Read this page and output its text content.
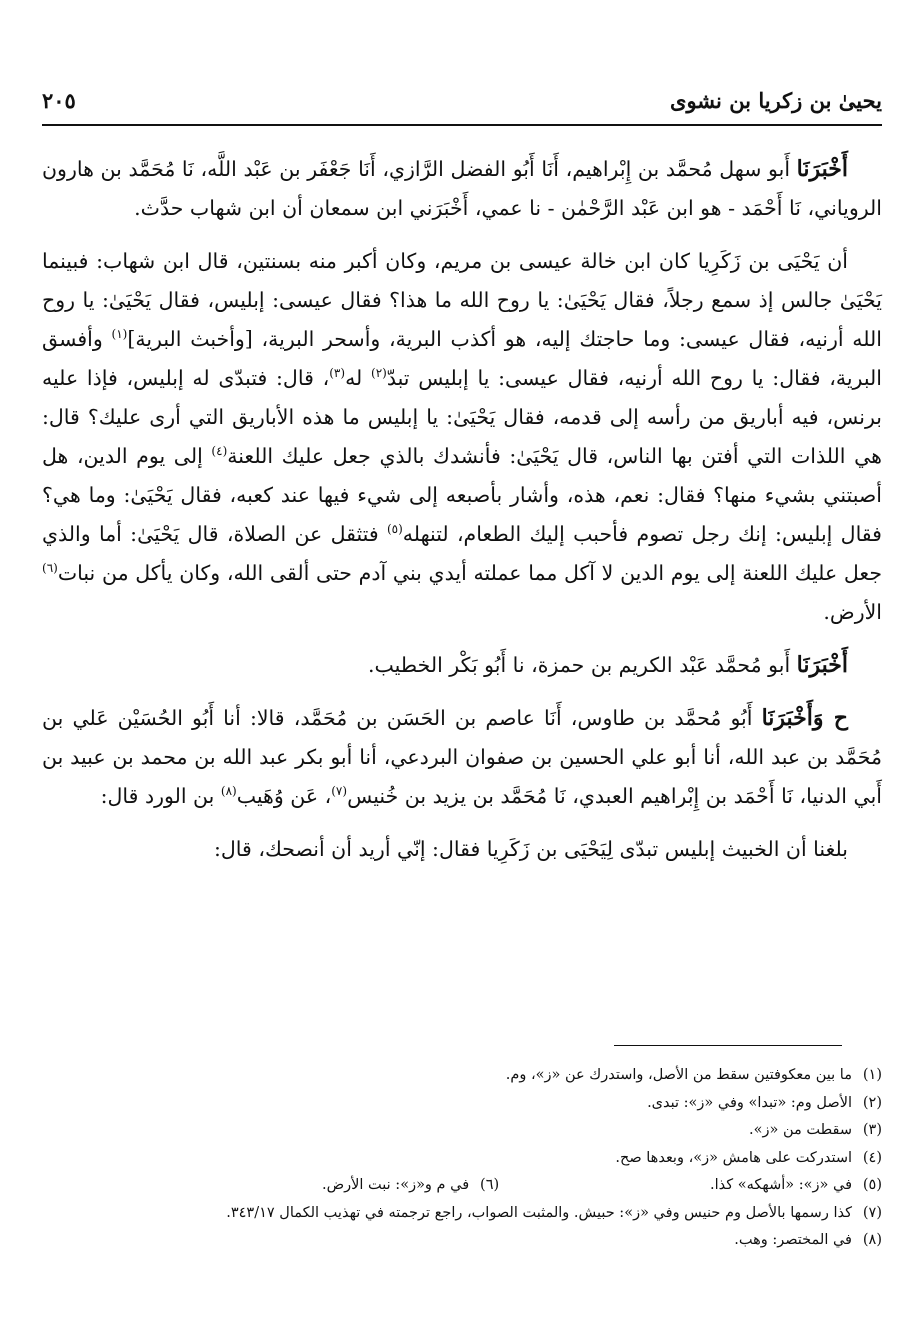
يحيىٰ بن زكريا بن نشوى
٢٠٥

أَخْبَرَنَا أَبو سهل مُحمَّد بن إِبْراهيم، أَنَا أَبُو الفضل الرَّازي، أَنَا جَعْفَر بن عَبْد اللَّه، نَا مُحَمَّد بن هارون الروياني، نَا أَحْمَد - هو ابن عَبْد الرَّحْمٰن - نا عمي، أَخْبَرَني ابن سمعان أن ابن شهاب حدَّث.

أن يَحْيَى بن زَكَرِيا كان ابن خالة عيسى بن مريم، وكان أكبر منه بسنتين، قال ابن شهاب: فبينما يَحْيَىٰ جالس إذ سمع رجلاً، فقال يَحْيَىٰ: يا روح الله ما هذا؟ فقال عيسى: إبليس، فقال يَحْيَىٰ: يا روح الله أرنيه، فقال عيسى: وما حاجتك إليه، هو أكذب البرية، وأسحر البرية، [وأخبث البرية]$^{(١)}$ وأفسق البرية، فقال: يا روح الله أرنيه، فقال عيسى: يا إبليس تبدّ$^{(٢)}$ له$^{(٣)}$، قال: فتبدّى له إبليس، فإذا عليه برنس، فيه أباريق من رأسه إلى قدمه، فقال يَحْيَىٰ: يا إبليس ما هذه الأباريق التي أرى عليك؟ قال: هي اللذات التي أفتن بها الناس، قال يَحْيَىٰ: فأنشدك بالذي جعل عليك اللعنة$^{(٤)}$ إلى يوم الدين، هل أصبتني بشيء منها؟ فقال: نعم، هذه، وأشار بأصبعه إلى شيء فيها عند كعبه، فقال يَحْيَىٰ: وما هي؟ فقال إبليس: إنك رجل تصوم فأحبب إليك الطعام، لتنهله$^{(٥)}$ فتثقل عن الصلاة، قال يَحْيَىٰ: أما والذي جعل عليك اللعنة إلى يوم الدين لا آكل مما عملته أيدي بني آدم حتى ألقى الله، وكان يأكل من نبات$^{(٦)}$ الأرض.

أَخْبَرَنَا أَبو مُحمَّد عَبْد الكريم بن حمزة، نا أَبُو بَكْر الخطيب.

ح وَأَخْبَرَنَا أَبُو مُحمَّد بن طاوس، أَنَا عاصم بن الحَسَن بن مُحَمَّد، قالا: أنا أَبُو الحُسَيْن عَلي بن مُحَمَّد بن عبد الله، أنا أبو علي الحسين بن صفوان البردعي، أنا أبو بكر عبد الله بن محمد بن عبيد بن أَبي الدنيا، نَا أَحْمَد بن إِبْراهيم العبدي، نَا مُحَمَّد بن يزيد بن خُنيس$^{(٧)}$، عَن وُهَيب$^{(٨)}$ بن الورد قال:

بلغنا أن الخبيث إبليس تبدّى لِيَحْيَى بن زَكَرِيا فقال: إنّي أريد أن أنصحك، قال:

(١)ما بين معكوفتين سقط من الأصل، واستدرك عن «ز»، وم.
(٢)الأصل وم: «تبدا» وفي «ز»: تبدى.
(٣)سقطت من «ز».
(٤)استدركت على هامش «ز»، وبعدها صح.
(٥)في «ز»: «أشهكه» كذا.
(٦)في م و«ز»: نبت الأرض.
(٧)كذا رسمها بالأصل وم حنيس وفي «ز»: حبيش. والمثبت الصواب، راجع ترجمته في تهذيب الكمال ٣٤٣/١٧.
(٨)في المختصر: وهب.
